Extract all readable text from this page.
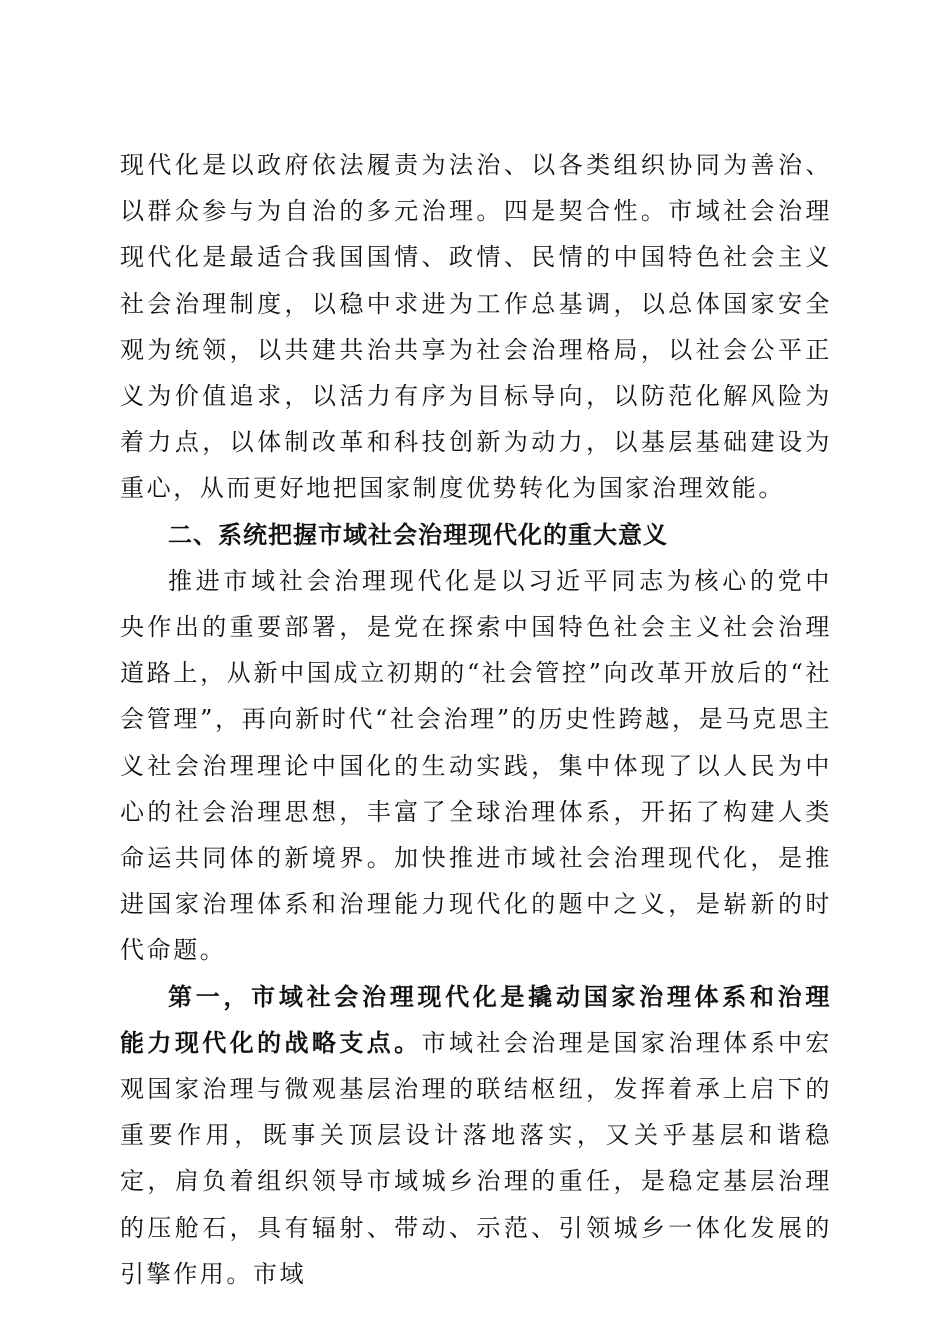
现代化是以政府依法履责为法治、以各类组织协同为善治、以群众参与为自治的多元治理。四是契合性。市域社会治理现代化是最适合我国国情、政情、民情的中国特色社会主义社会治理制度，以稳中求进为工作总基调，以总体国家安全观为统领，以共建共治共享为社会治理格局，以社会公平正义为价值追求，以活力有序为目标导向，以防范化解风险为着力点，以体制改革和科技创新为动力，以基层基础建设为重心，从而更好地把国家制度优势转化为国家治理效能。

二、系统把握市域社会治理现代化的重大意义

推进市域社会治理现代化是以习近平同志为核心的党中央作出的重要部署，是党在探索中国特色社会主义社会治理道路上，从新中国成立初期的“社会管控”向改革开放后的“社会管理”，再向新时代“社会治理”的历史性跨越，是马克思主义社会治理理论中国化的生动实践，集中体现了以人民为中心的社会治理思想，丰富了全球治理体系，开拓了构建人类命运共同体的新境界。加快推进市域社会治理现代化，是推进国家治理体系和治理能力现代化的题中之义，是崭新的时代命题。

第一，市域社会治理现代化是撬动国家治理体系和治理能力现代化的战略支点。市域社会治理是国家治理体系中宏观国家治理与微观基层治理的联结枢纽，发挥着承上启下的重要作用，既事关顶层设计落地落实，又关乎基层和谐稳定，肩负着组织领导市域城乡治理的重任，是稳定基层治理的压舱石，具有辐射、带动、示范、引领城乡一体化发展的引擎作用。市域
